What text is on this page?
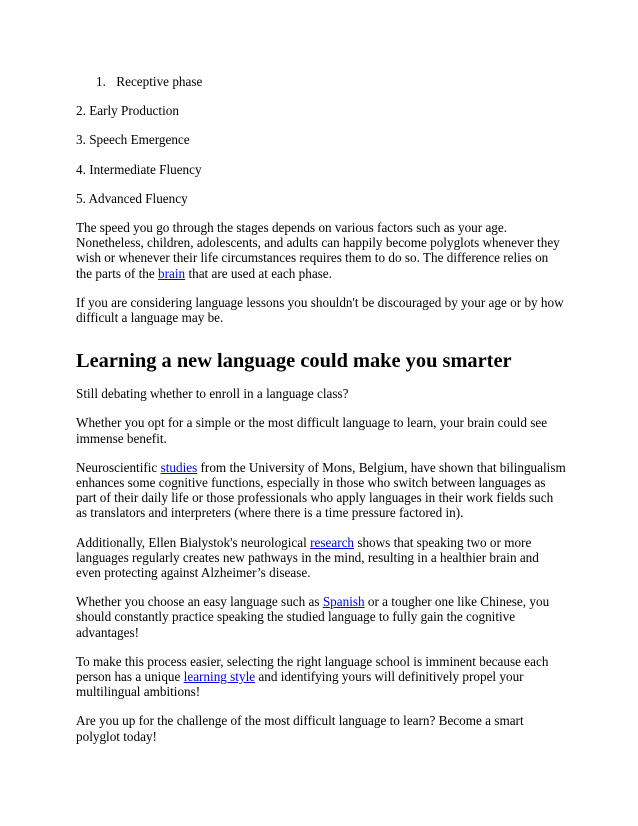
1. Receptive phase

2. Early Production

3. Speech Emergence

4. Intermediate Fluency

5. Advanced Fluency

The speed you go through the stages depends on various factors such as your age. Nonetheless, children, adolescents, and adults can happily become polyglots whenever they wish or whenever their life circumstances requires them to do so. The difference relies on the parts of the brain that are used at each phase.

If you are considering language lessons you shouldn't be discouraged by your age or by how difficult a language may be.

Learning a new language could make you smarter

Still debating whether to enroll in a language class?

Whether you opt for a simple or the most difficult language to learn, your brain could see immense benefit.

Neuroscientific studies from the University of Mons, Belgium, have shown that bilingualism enhances some cognitive functions, especially in those who switch between languages as part of their daily life or those professionals who apply languages in their work fields such as translators and interpreters (where there is a time pressure factored in).

Additionally, Ellen Bialystok's neurological research shows that speaking two or more languages regularly creates new pathways in the mind, resulting in a healthier brain and even protecting against Alzheimer’s disease.

Whether you choose an easy language such as Spanish or a tougher one like Chinese, you should constantly practice speaking the studied language to fully gain the cognitive advantages!

To make this process easier, selecting the right language school is imminent because each person has a unique learning style and identifying yours will definitively propel your multilingual ambitions!

Are you up for the challenge of the most difficult language to learn? Become a smart polyglot today!
